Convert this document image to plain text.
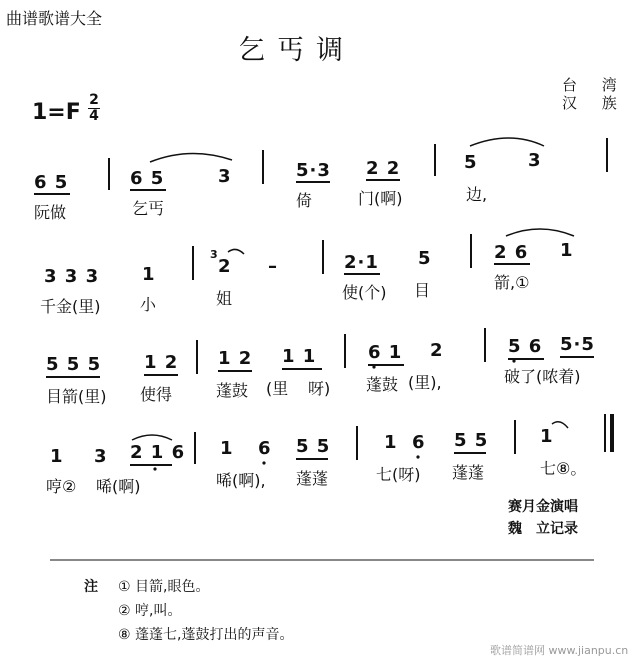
曲谱歌谱大全
乞丐调
台 湾
汉 族
1=F 2
4
6 5	6 5	3	5·3 2 2	5	3
阮做	乞丐	倚	门(啊)	边,
3 3 3 1
3
2 –	2·1 5	2 6 1
千金(里) 小	姐	使(个) 目	箭,①
5 5 5 1 2 1 2 1 1	6 1 2	5 6 5·5
目箭(里) 使得	蓬鼓 (里 呀) 蓬鼓 (里),	破了(哝着)
1 3 2 1 6 1 6 5 5	1 6 5 5	1
哼② 唏(啊)	唏(啊), 蓬蓬	七(呀) 蓬蓬	七⑧。
赛月金演唱
魏　立记录
注 ① 目箭,眼色。
② 哼,叫。
⑧ 蓬蓬七,蓬鼓打出的声音。
歌谱简谱网 www.jianpu.cn
